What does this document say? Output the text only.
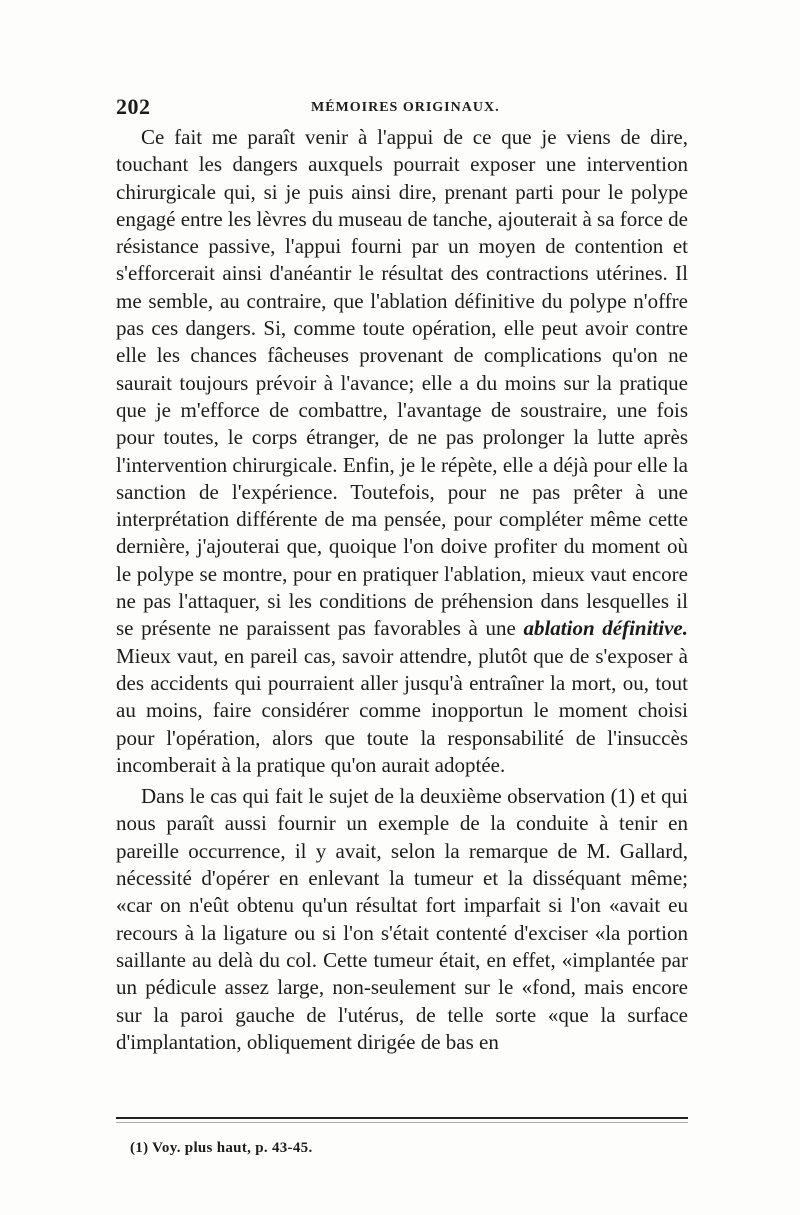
202	MÉMOIRES ORIGINAUX.

Ce fait me paraît venir à l'appui de ce que je viens de dire, touchant les dangers auxquels pourrait exposer une intervention chirurgicale qui, si je puis ainsi dire, prenant parti pour le polype engagé entre les lèvres du museau de tanche, ajouterait à sa force de résistance passive, l'appui fourni par un moyen de contention et s'efforcerait ainsi d'anéantir le résultat des contractions utérines. Il me semble, au contraire, que l'ablation définitive du polype n'offre pas ces dangers. Si, comme toute opération, elle peut avoir contre elle les chances fâcheuses provenant de complications qu'on ne saurait toujours prévoir à l'avance; elle a du moins sur la pratique que je m'efforce de combattre, l'avantage de soustraire, une fois pour toutes, le corps étranger, de ne pas prolonger la lutte après l'intervention chirurgicale. Enfin, je le répète, elle a déjà pour elle la sanction de l'expérience. Toutefois, pour ne pas prêter à une interprétation différente de ma pensée, pour compléter même cette dernière, j'ajouterai que, quoique l'on doive profiter du moment où le polype se montre, pour en pratiquer l'ablation, mieux vaut encore ne pas l'attaquer, si les conditions de préhension dans lesquelles il se présente ne paraissent pas favorables à une ablation définitive. Mieux vaut, en pareil cas, savoir attendre, plutôt que de s'exposer à des accidents qui pourraient aller jusqu'à entraîner la mort, ou, tout au moins, faire considérer comme inopportun le moment choisi pour l'opération, alors que toute la responsabilité de l'insuccès incomberait à la pratique qu'on aurait adoptée.

Dans le cas qui fait le sujet de la deuxième observation (1) et qui nous paraît aussi fournir un exemple de la conduite à tenir en pareille occurrence, il y avait, selon la remarque de M. Gallard, nécessité d'opérer en enlevant la tumeur et la disséquant même; «car on n'eût obtenu qu'un résultat fort imparfait si l'on «avait eu recours à la ligature ou si l'on s'était contenté d'exciser «la portion saillante au delà du col. Cette tumeur était, en effet, «implantée par un pédicule assez large, non-seulement sur le «fond, mais encore sur la paroi gauche de l'utérus, de telle sorte «que la surface d'implantation, obliquement dirigée de bas en

(1) Voy. plus haut, p. 43-45.
